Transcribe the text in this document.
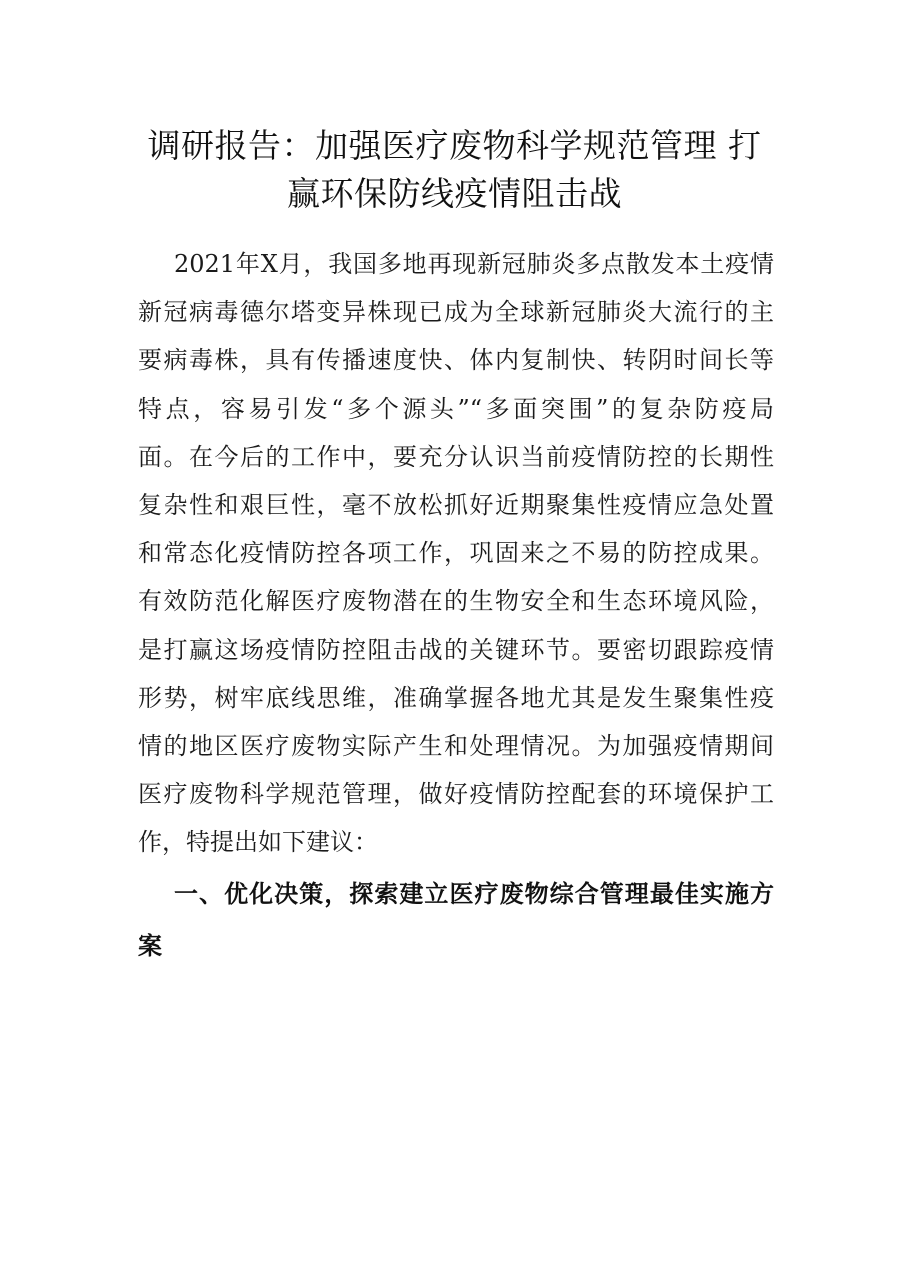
调研报告：加强医疗废物科学规范管理 打
赢环保防线疫情阻击战
2021年X月，我国多地再现新冠肺炎多点散发本土疫情
新冠病毒德尔塔变异株现已成为全球新冠肺炎大流行的主
要病毒株，具有传播速度快、体内复制快、转阴时间长等
特点，容易引发“多个源头”“多面突围”的复杂防疫局
面。在今后的工作中，要充分认识当前疫情防控的长期性
复杂性和艰巨性，毫不放松抓好近期聚集性疫情应急处置
和常态化疫情防控各项工作，巩固来之不易的防控成果。
有效防范化解医疗废物潜在的生物安全和生态环境风险，
是打赢这场疫情防控阻击战的关键环节。要密切跟踪疫情
形势，树牢底线思维，准确掌握各地尤其是发生聚集性疫
情的地区医疗废物实际产生和处理情况。为加强疫情期间
医疗废物科学规范管理，做好疫情防控配套的环境保护工
作，特提出如下建议：
一、优化决策，探索建立医疗废物综合管理最佳实施方
案
